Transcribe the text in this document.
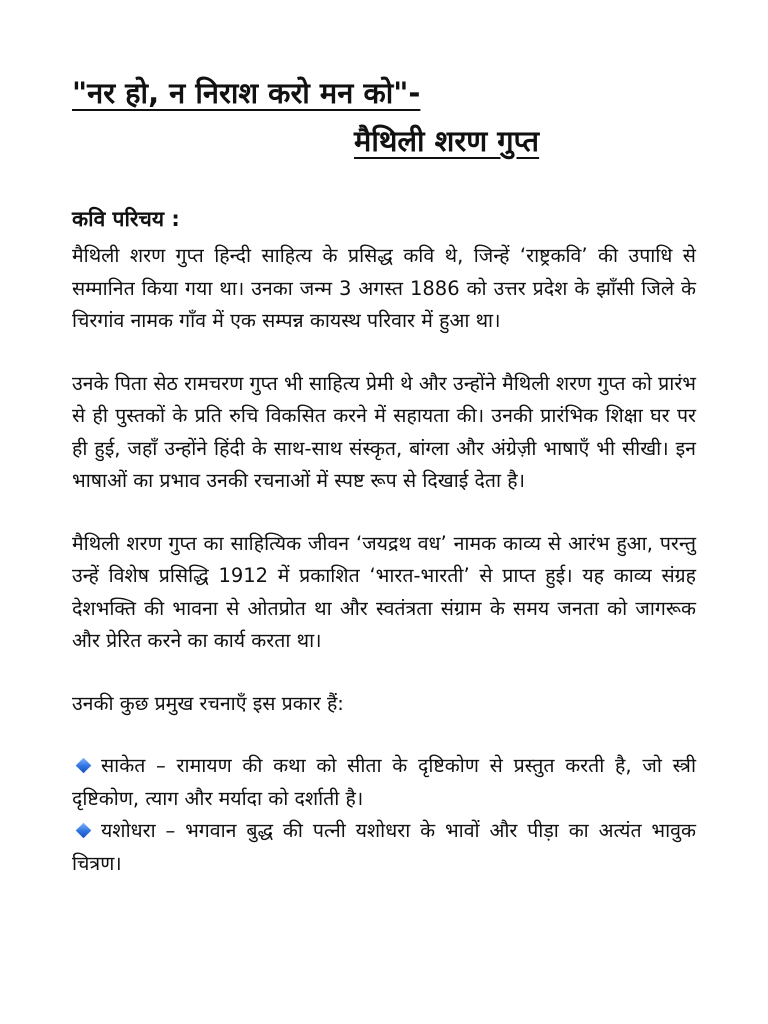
"नर हो, न निराश करो मन को"-
मैथिली शरण गुप्त
कवि परिचय :

मैथिली शरण गुप्त हिन्दी साहित्य के प्रसिद्ध कवि थे, जिन्हें ‘राष्ट्रकवि’ की उपाधि से सम्मानित किया गया था। उनका जन्म 3 अगस्त 1886 को उत्तर प्रदेश के झाँसी जिले के चिरगांव नामक गाँव में एक सम्पन्न कायस्थ परिवार में हुआ था।

उनके पिता सेठ रामचरण गुप्त भी साहित्य प्रेमी थे और उन्होंने मैथिली शरण गुप्त को प्रारंभ से ही पुस्तकों के प्रति रुचि विकसित करने में सहायता की। उनकी प्रारंभिक शिक्षा घर पर ही हुई, जहाँ उन्होंने हिंदी के साथ-साथ संस्कृत, बांग्ला और अंग्रेज़ी भाषाएँ भी सीखी। इन भाषाओं का प्रभाव उनकी रचनाओं में स्पष्ट रूप से दिखाई देता है।

मैथिली शरण गुप्त का साहित्यिक जीवन ‘जयद्रथ वध’ नामक काव्य से आरंभ हुआ, परन्तु उन्हें विशेष प्रसिद्धि 1912 में प्रकाशित ‘भारत-भारती’ से प्राप्त हुई। यह काव्य संग्रह देशभक्ति की भावना से ओतप्रोत था और स्वतंत्रता संग्राम के समय जनता को जागरूक और प्रेरित करने का कार्य करता था।

उनकी कुछ प्रमुख रचनाएँ इस प्रकार हैं:

साकेत – रामायण की कथा को सीता के दृष्टिकोण से प्रस्तुत करती है, जो स्त्री दृष्टिकोण, त्याग और मर्यादा को दर्शाती है।
यशोधरा – भगवान बुद्ध की पत्नी यशोधरा के भावों और पीड़ा का अत्यंत भावुक चित्रण।
